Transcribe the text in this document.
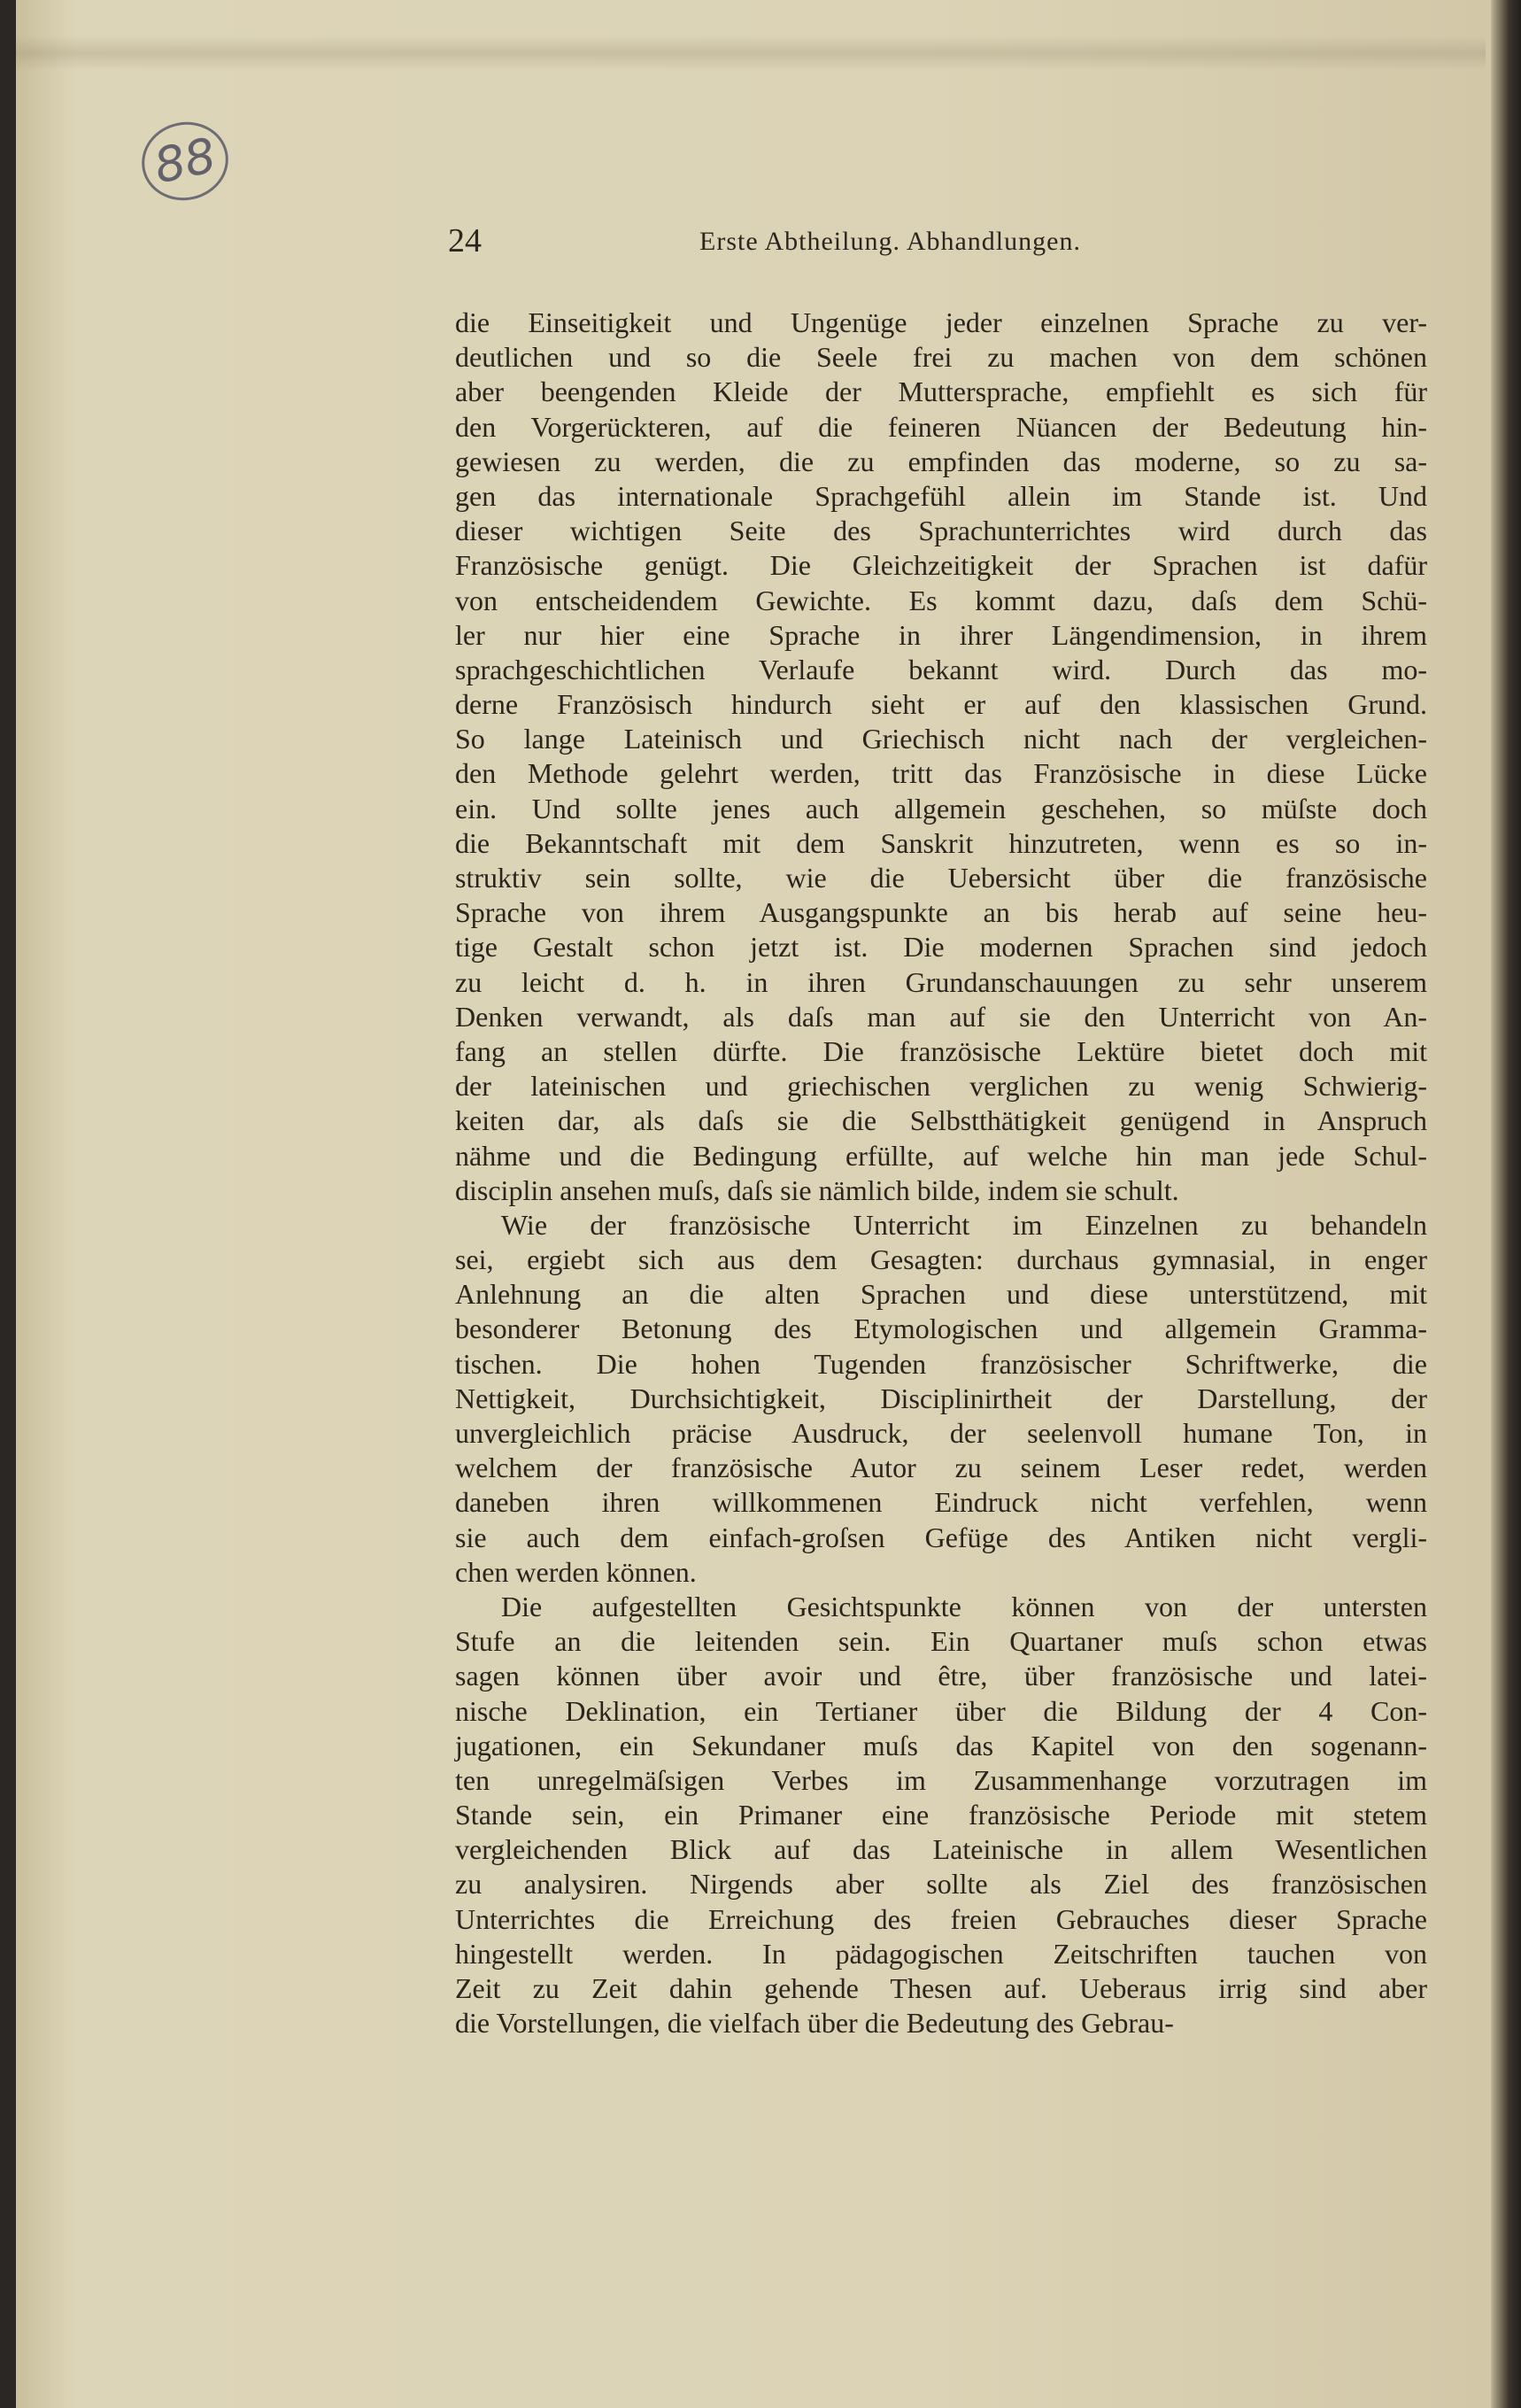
88
24	Erste Abtheilung. Abhandlungen.
die Einseitigkeit und Ungenüge jeder einzelnen Sprache zu ver-
deutlichen und so die Seele frei zu machen von dem schönen
aber beengenden Kleide der Muttersprache, empfiehlt es sich für
den Vorgerückteren, auf die feineren Nüancen der Bedeutung hin-
gewiesen zu werden, die zu empfinden das moderne, so zu sa-
gen das internationale Sprachgefühl allein im Stande ist. Und
dieser wichtigen Seite des Sprachunterrichtes wird durch das
Französische genügt. Die Gleichzeitigkeit der Sprachen ist dafür
von entscheidendem Gewichte. Es kommt dazu, daſs dem Schü-
ler nur hier eine Sprache in ihrer Längendimension, in ihrem
sprachgeschichtlichen Verlaufe bekannt wird. Durch das mo-
derne Französisch hindurch sieht er auf den klassischen Grund.
So lange Lateinisch und Griechisch nicht nach der vergleichen-
den Methode gelehrt werden, tritt das Französische in diese Lücke
ein. Und sollte jenes auch allgemein geschehen, so müſste doch
die Bekanntschaft mit dem Sanskrit hinzutreten, wenn es so in-
struktiv sein sollte, wie die Uebersicht über die französische
Sprache von ihrem Ausgangspunkte an bis herab auf seine heu-
tige Gestalt schon jetzt ist. Die modernen Sprachen sind jedoch
zu leicht d. h. in ihren Grundanschauungen zu sehr unserem
Denken verwandt, als daſs man auf sie den Unterricht von An-
fang an stellen dürfte. Die französische Lektüre bietet doch mit
der lateinischen und griechischen verglichen zu wenig Schwierig-
keiten dar, als daſs sie die Selbstthätigkeit genügend in Anspruch
nähme und die Bedingung erfüllte, auf welche hin man jede Schul-
disciplin ansehen muſs, daſs sie nämlich bilde, indem sie schult.
Wie der französische Unterricht im Einzelnen zu behandeln
sei, ergiebt sich aus dem Gesagten: durchaus gymnasial, in enger
Anlehnung an die alten Sprachen und diese unterstützend, mit
besonderer Betonung des Etymologischen und allgemein Gramma-
tischen. Die hohen Tugenden französischer Schriftwerke, die
Nettigkeit, Durchsichtigkeit, Disciplinirtheit der Darstellung, der
unvergleichlich präcise Ausdruck, der seelenvoll humane Ton, in
welchem der französische Autor zu seinem Leser redet, werden
daneben ihren willkommenen Eindruck nicht verfehlen, wenn
sie auch dem einfach-groſsen Gefüge des Antiken nicht vergli-
chen werden können.
Die aufgestellten Gesichtspunkte können von der untersten
Stufe an die leitenden sein. Ein Quartaner muſs schon etwas
sagen können über avoir und être, über französische und latei-
nische Deklination, ein Tertianer über die Bildung der 4 Con-
jugationen, ein Sekundaner muſs das Kapitel von den sogenann-
ten unregelmäſsigen Verbes im Zusammenhange vorzutragen im
Stande sein, ein Primaner eine französische Periode mit stetem
vergleichenden Blick auf das Lateinische in allem Wesentlichen
zu analysiren. Nirgends aber sollte als Ziel des französischen
Unterrichtes die Erreichung des freien Gebrauches dieser Sprache
hingestellt werden. In pädagogischen Zeitschriften tauchen von
Zeit zu Zeit dahin gehende Thesen auf. Ueberaus irrig sind aber
die Vorstellungen, die vielfach über die Bedeutung des Gebrau-
